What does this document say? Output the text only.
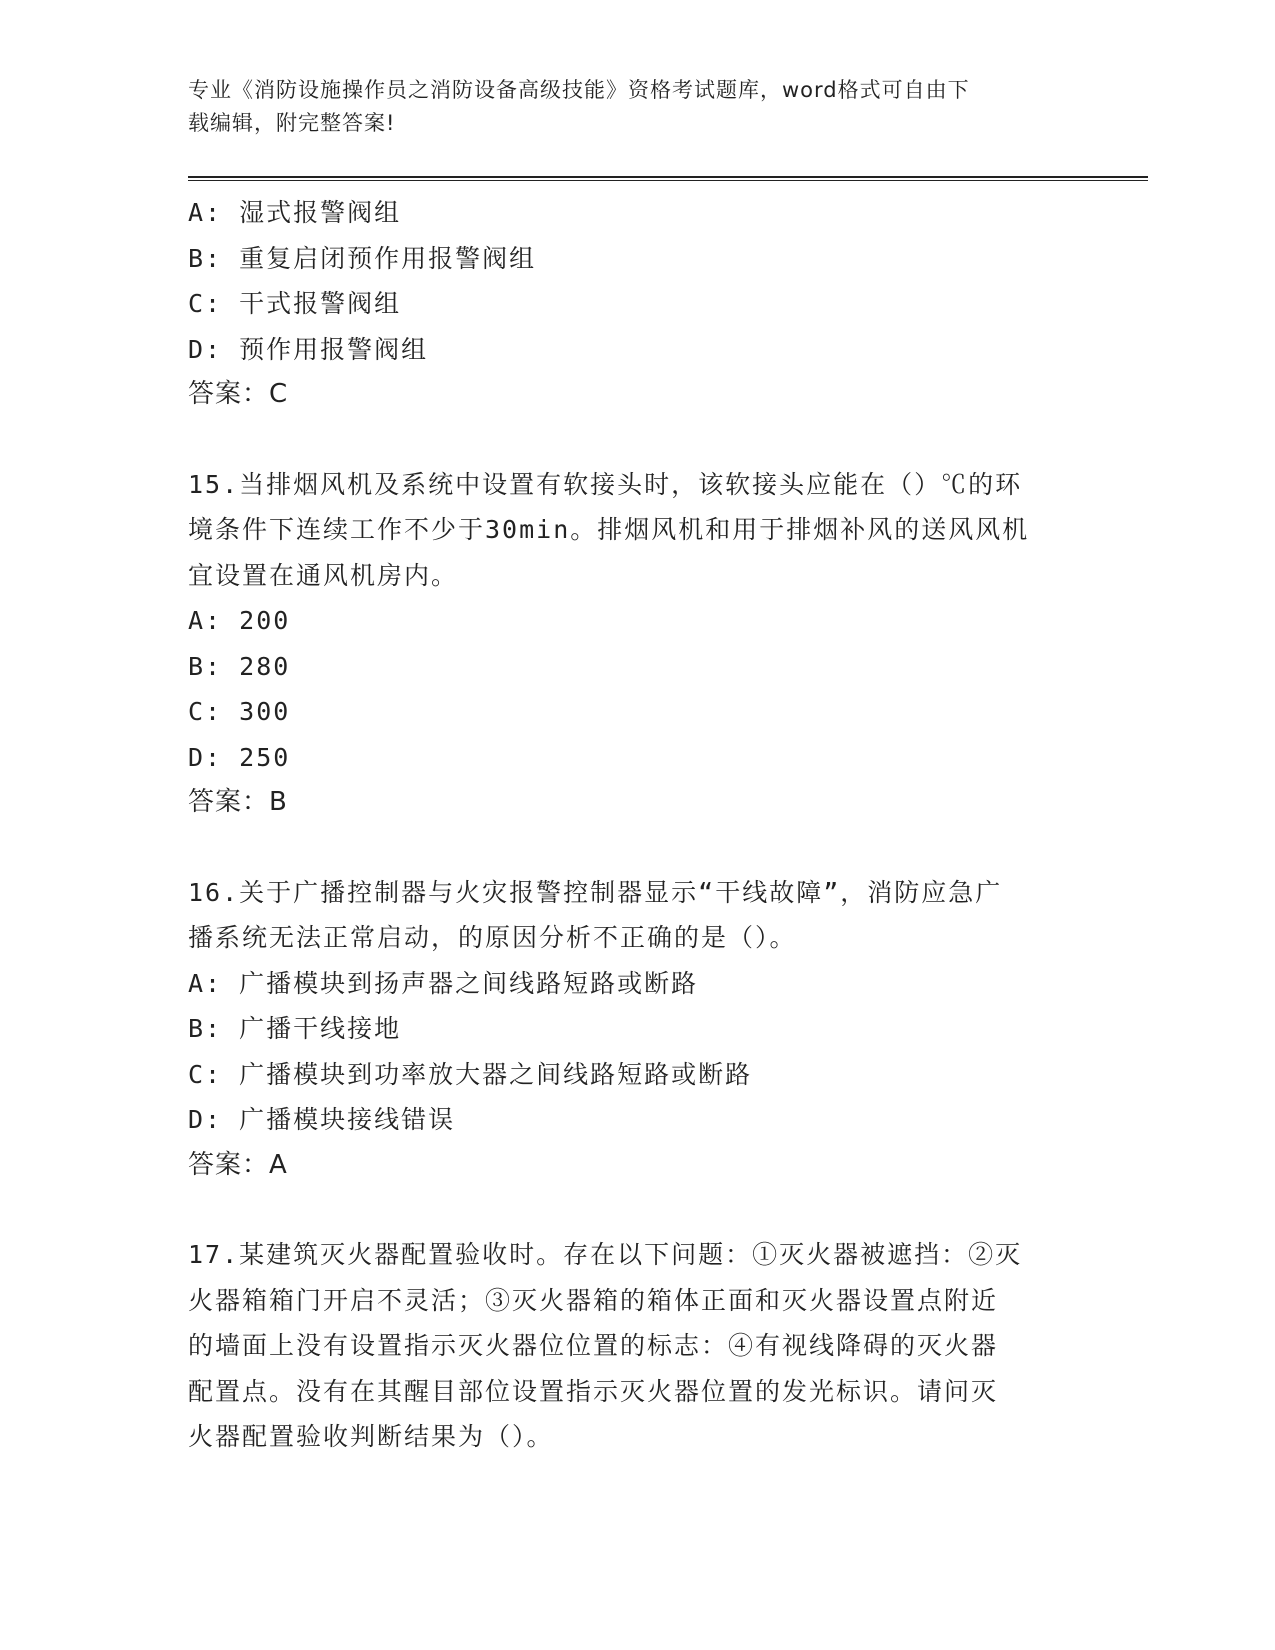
专业《消防设施操作员之消防设备高级技能》资格考试题库，word格式可自由下
载编辑，附完整答案!
A: 湿式报警阀组
B: 重复启闭预作用报警阀组
C: 干式报警阀组
D: 预作用报警阀组
答案：C
15.当排烟风机及系统中设置有软接头时，该软接头应能在（）℃的环
境条件下连续工作不少于30min。排烟风机和用于排烟补风的送风风机
宜设置在通风机房内。
A: 200
B: 280
C: 300
D: 250
答案：B
16.关于广播控制器与火灾报警控制器显示“干线故障”，消防应急广
播系统无法正常启动，的原因分析不正确的是（）。
A: 广播模块到扬声器之间线路短路或断路
B: 广播干线接地
C: 广播模块到功率放大器之间线路短路或断路
D: 广播模块接线错误
答案：A
17.某建筑灭火器配置验收时。存在以下问题：①灭火器被遮挡：②灭
火器箱箱门开启不灵活；③灭火器箱的箱体正面和灭火器设置点附近
的墙面上没有设置指示灭火器位位置的标志：④有视线降碍的灭火器
配置点。没有在其醒目部位设置指示灭火器位置的发光标识。请问灭
火器配置验收判断结果为（）。
